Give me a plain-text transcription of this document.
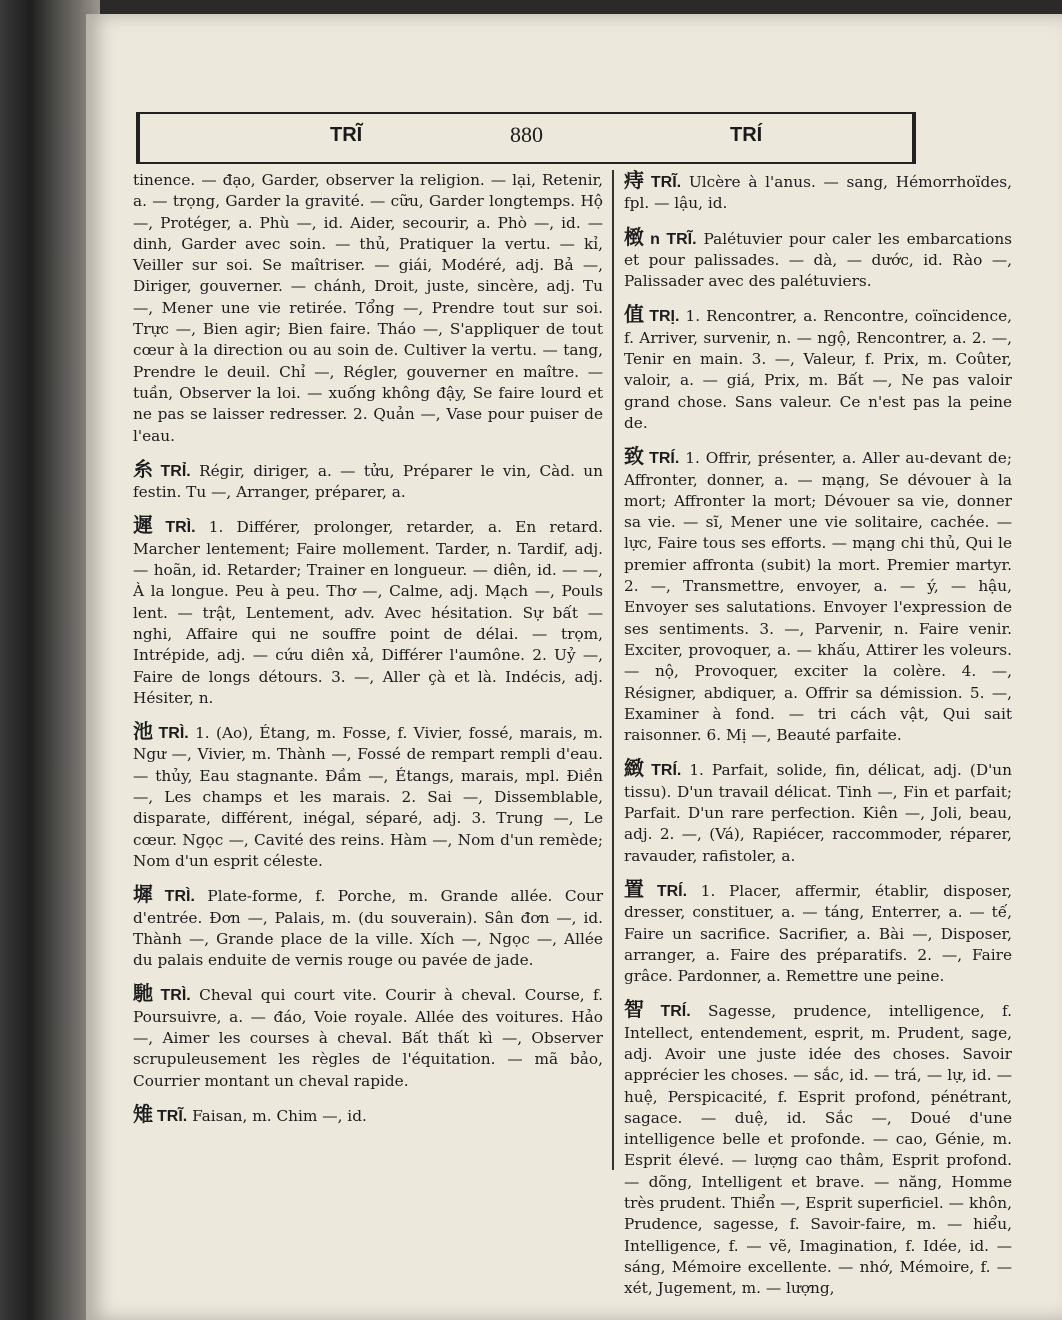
TRĨ	880	TRÍ

tinence. — đạo, Garder, observer la religion. — lại, Retenir, a. — trọng, Garder la gravité. — cữu, Garder longtemps. Hộ —, Protéger, a. Phù —, id. Aider, secourir, a. Phò —, id. — dinh, Garder avec soin. — thủ, Pratiquer la vertu. — kỉ, Veiller sur soi. Se maîtriser. — giái, Modéré, adj. Bả —, Diriger, gouverner. — chánh, Droit, juste, sincère, adj. Tu —, Mener une vie retirée. Tổng —, Prendre tout sur soi. Trực —, Bien agir; Bien faire. Tháo —, S'appliquer de tout cœur à la direction ou au soin de. Cultiver la vertu. — tang, Prendre le deuil. Chỉ —, Régler, gouverner en maître. — tuần, Observer la loi. — xuống không đậy, Se faire lourd et ne pas se laisser redresser. 2. Quản —, Vase pour puiser de l'eau.

糸 TRỈ. Régir, diriger, a. — tửu, Préparer le vin, Càd. un festin. Tu —, Arranger, préparer, a.

遲 TRÌ. 1. Différer, prolonger, retarder, a. En retard. Marcher lentement; Faire mollement. Tarder, n. Tardif, adj. — hoãn, id. Retarder; Trainer en longueur. — diên, id. — —, À la longue. Peu à peu. Thơ —, Calme, adj. Mạch —, Pouls lent. — trật, Lentement, adv. Avec hésitation. Sự bất — nghi, Affaire qui ne souffre point de délai. — trọm, Intrépide, adj. — cứu diên xả, Différer l'aumône. 2. Uỷ —, Faire de longs détours. 3. —, Aller çà et là. Indécis, adj. Hésiter, n.

池 TRÌ. 1. (Ao), Étang, m. Fosse, f. Vivier, fossé, marais, m. Ngư —, Vivier, m. Thành —, Fossé de rempart rempli d'eau. — thủy, Eau stagnante. Đầm —, Étangs, marais, mpl. Điền —, Les champs et les marais. 2. Sai —, Dissemblable, disparate, différent, inégal, séparé, adj. 3. Trung —, Le cœur. Ngọc —, Cavité des reins. Hàm —, Nom d'un remède; Nom d'un esprit céleste.

墀 TRÌ. Plate-forme, f. Porche, m. Grande allée. Cour d'entrée. Đơn —, Palais, m. (du souverain). Sân đơn —, id. Thành —, Grande place de la ville. Xích —, Ngọc —, Allée du palais enduite de vernis rouge ou pavée de jade.

馳 TRÌ. Cheval qui court vite. Courir à cheval. Course, f. Poursuivre, a. — đáo, Voie royale. Allée des voitures. Hảo —, Aimer les courses à cheval. Bất thất kì —, Observer scrupuleusement les règles de l'équitation. — mã bảo, Courrier montant un cheval rapide.

雉 TRĨ. Faisan, m. Chim —, id.

痔 TRĨ. Ulcère à l'anus. — sang, Hémorrhoïdes, fpl. — lậu, id.

㮹 n TRĨ. Palétuvier pour caler les embarcations et pour palissades. — dà, — dước, id. Rào —, Palissader avec des palétuviers.

值 TRỊ. 1. Rencontrer, a. Rencontre, coïncidence, f. Arriver, survenir, n. — ngộ, Rencontrer, a. 2. —, Tenir en main. 3. —, Valeur, f. Prix, m. Coûter, valoir, a. — giá, Prix, m. Bất —, Ne pas valoir grand chose. Sans valeur. Ce n'est pas la peine de.

致 TRÍ. 1. Offrir, présenter, a. Aller au-devant de; Affronter, donner, a. — mạng, Se dévouer à la mort; Affronter la mort; Dévouer sa vie, donner sa vie. — sĩ, Mener une vie solitaire, cachée. — lực, Faire tous ses efforts. — mạng chi thủ, Qui le premier affronta (subit) la mort. Premier martyr. 2. —, Transmettre, envoyer, a. — ý, — hậu, Envoyer ses salutations. Envoyer l'expression de ses sentiments. 3. —, Parvenir, n. Faire venir. Exciter, provoquer, a. — khấu, Attirer les voleurs. — nộ, Provoquer, exciter la colère. 4. —, Résigner, abdiquer, a. Offrir sa démission. 5. —, Examiner à fond. — tri cách vật, Qui sait raisonner. 6. Mị —, Beauté parfaite.

緻 TRÍ. 1. Parfait, solide, fin, délicat, adj. (D'un tissu). D'un travail délicat. Tinh —, Fin et parfait; Parfait. D'un rare perfection. Kiên —, Joli, beau, adj. 2. —, (Vá), Rapiécer, raccommoder, réparer, ravauder, rafistoler, a.

置 TRÍ. 1. Placer, affermir, établir, disposer, dresser, constituer, a. — táng, Enterrer, a. — tế, Faire un sacrifice. Sacrifier, a. Bài —, Disposer, arranger, a. Faire des préparatifs. 2. —, Faire grâce. Pardonner, a. Remettre une peine.

智 TRÍ. Sagesse, prudence, intelligence, f. Intellect, entendement, esprit, m. Prudent, sage, adj. Avoir une juste idée des choses. Savoir apprécier les choses. — sắc, id. — trá, — lự, id. — huệ, Perspicacité, f. Esprit profond, pénétrant, sagace. — duệ, id. Sắc —, Doué d'une intelligence belle et profonde. — cao, Génie, m. Esprit élevé. — lượng cao thâm, Esprit profond. — dõng, Intelligent et brave. — năng, Homme très prudent. Thiển —, Esprit superficiel. — khôn, Prudence, sagesse, f. Savoir-faire, m. — hiểu, Intelligence, f. — vẽ, Imagination, f. Idée, id. — sáng, Mémoire excellente. — nhớ, Mémoire, f. — xét, Jugement, m. — lượng,
